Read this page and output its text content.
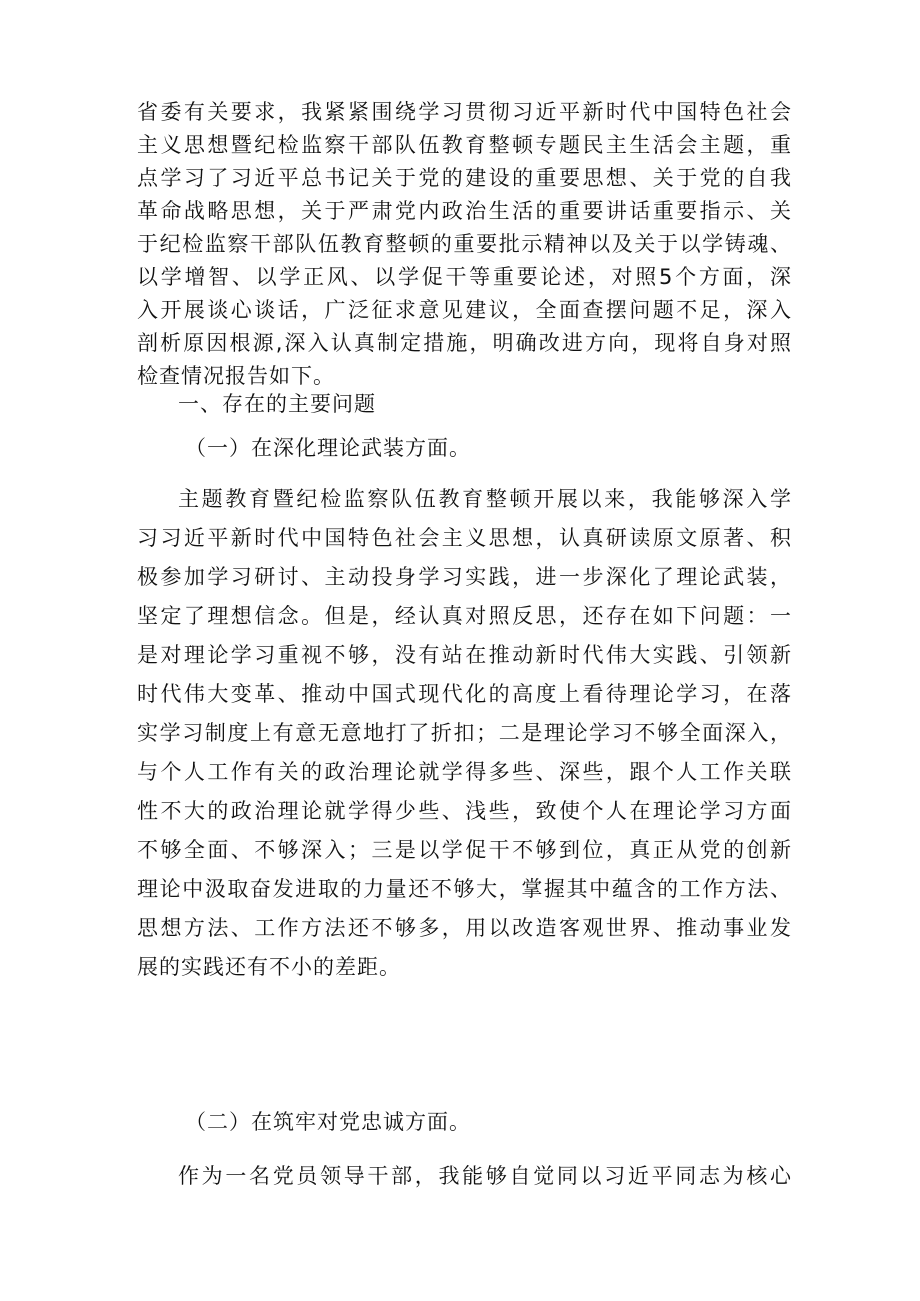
省委有关要求，我紧紧围绕学习贯彻习近平新时代中国特色社会
主义思想暨纪检监察干部队伍教育整顿专题民主生活会主题，重
点学习了习近平总书记关于党的建设的重要思想、关于党的自我
革命战略思想，关于严肃党内政治生活的重要讲话重要指示、关
于纪检监察干部队伍教育整顿的重要批示精神以及关于以学铸魂、
以学增智、以学正风、以学促干等重要论述，对照5个方面，深
入开展谈心谈话，广泛征求意见建议，全面查摆问题不足，深入
剖析原因根源,深入认真制定措施，明确改进方向，现将自身对照
检查情况报告如下。

一、存在的主要问题

（一）在深化理论武装方面。

主题教育暨纪检监察队伍教育整顿开展以来，我能够深入学
习习近平新时代中国特色社会主义思想，认真研读原文原著、积
极参加学习研讨、主动投身学习实践，进一步深化了理论武装，
坚定了理想信念。但是，经认真对照反思，还存在如下问题：一
是对理论学习重视不够，没有站在推动新时代伟大实践、引领新
时代伟大变革、推动中国式现代化的高度上看待理论学习，在落
实学习制度上有意无意地打了折扣；二是理论学习不够全面深入，
与个人工作有关的政治理论就学得多些、深些，跟个人工作关联
性不大的政治理论就学得少些、浅些，致使个人在理论学习方面
不够全面、不够深入；三是以学促干不够到位，真正从党的创新
理论中汲取奋发进取的力量还不够大，掌握其中蕴含的工作方法、
思想方法、工作方法还不够多，用以改造客观世界、推动事业发
展的实践还有不小的差距。

（二）在筑牢对党忠诚方面。

作为一名党员领导干部，我能够自觉同以习近平同志为核心
